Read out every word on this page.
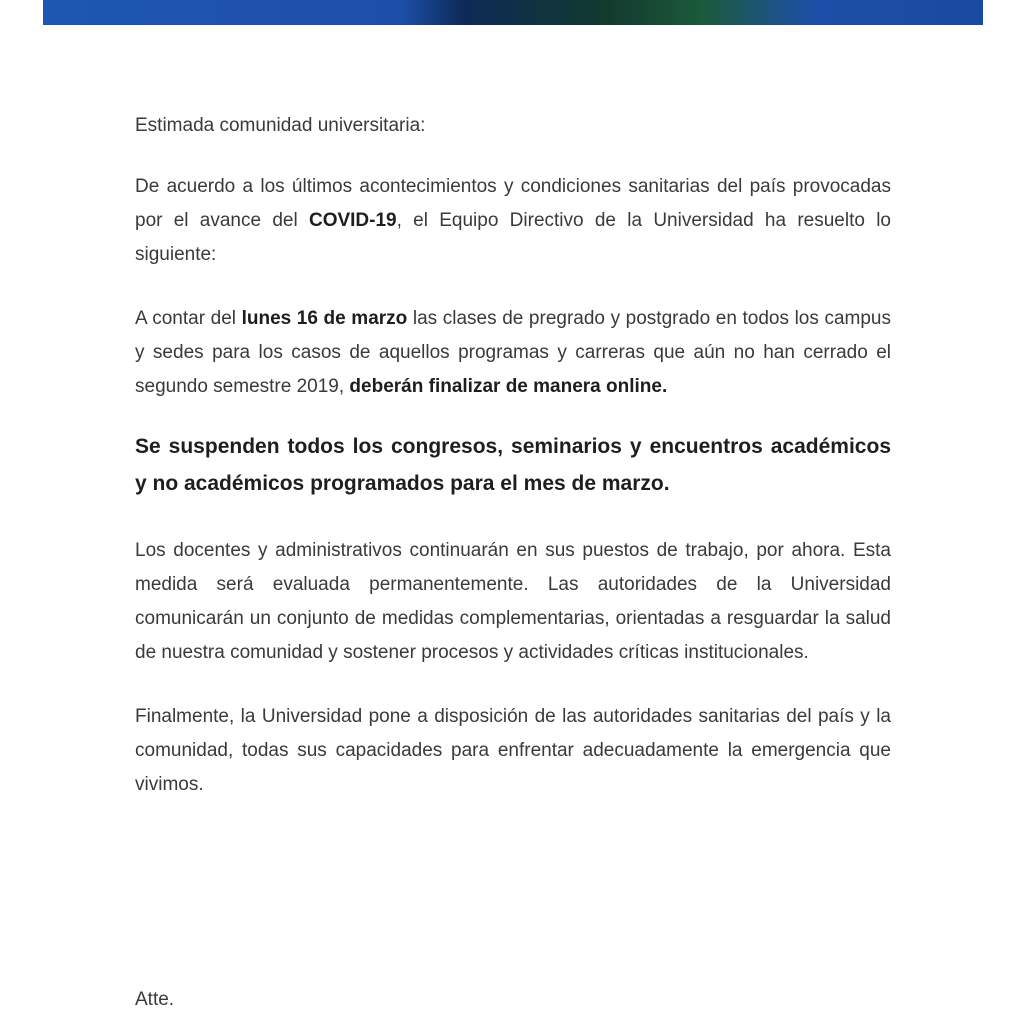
Estimada comunidad universitaria:

De acuerdo a los últimos acontecimientos y condiciones sanitarias del país provocadas por el avance del COVID-19, el Equipo Directivo de la Universidad ha resuelto lo siguiente:

A contar del lunes 16 de marzo las clases de pregrado y postgrado en todos los campus y sedes para los casos de aquellos programas y carreras que aún no han cerrado el segundo semestre 2019, deberán finalizar de manera online.

Se suspenden todos los congresos, seminarios y encuentros académicos y no académicos programados para el mes de marzo.

Los docentes y administrativos continuarán en sus puestos de trabajo, por ahora. Esta medida será evaluada permanentemente. Las autoridades de la Universidad comunicarán un conjunto de medidas complementarias, orientadas a resguardar la salud de nuestra comunidad y sostener procesos y actividades críticas institucionales.

Finalmente, la Universidad pone a disposición de las autoridades sanitarias del país y la comunidad, todas sus capacidades para enfrentar adecuadamente la emergencia que vivimos.

Atte.
